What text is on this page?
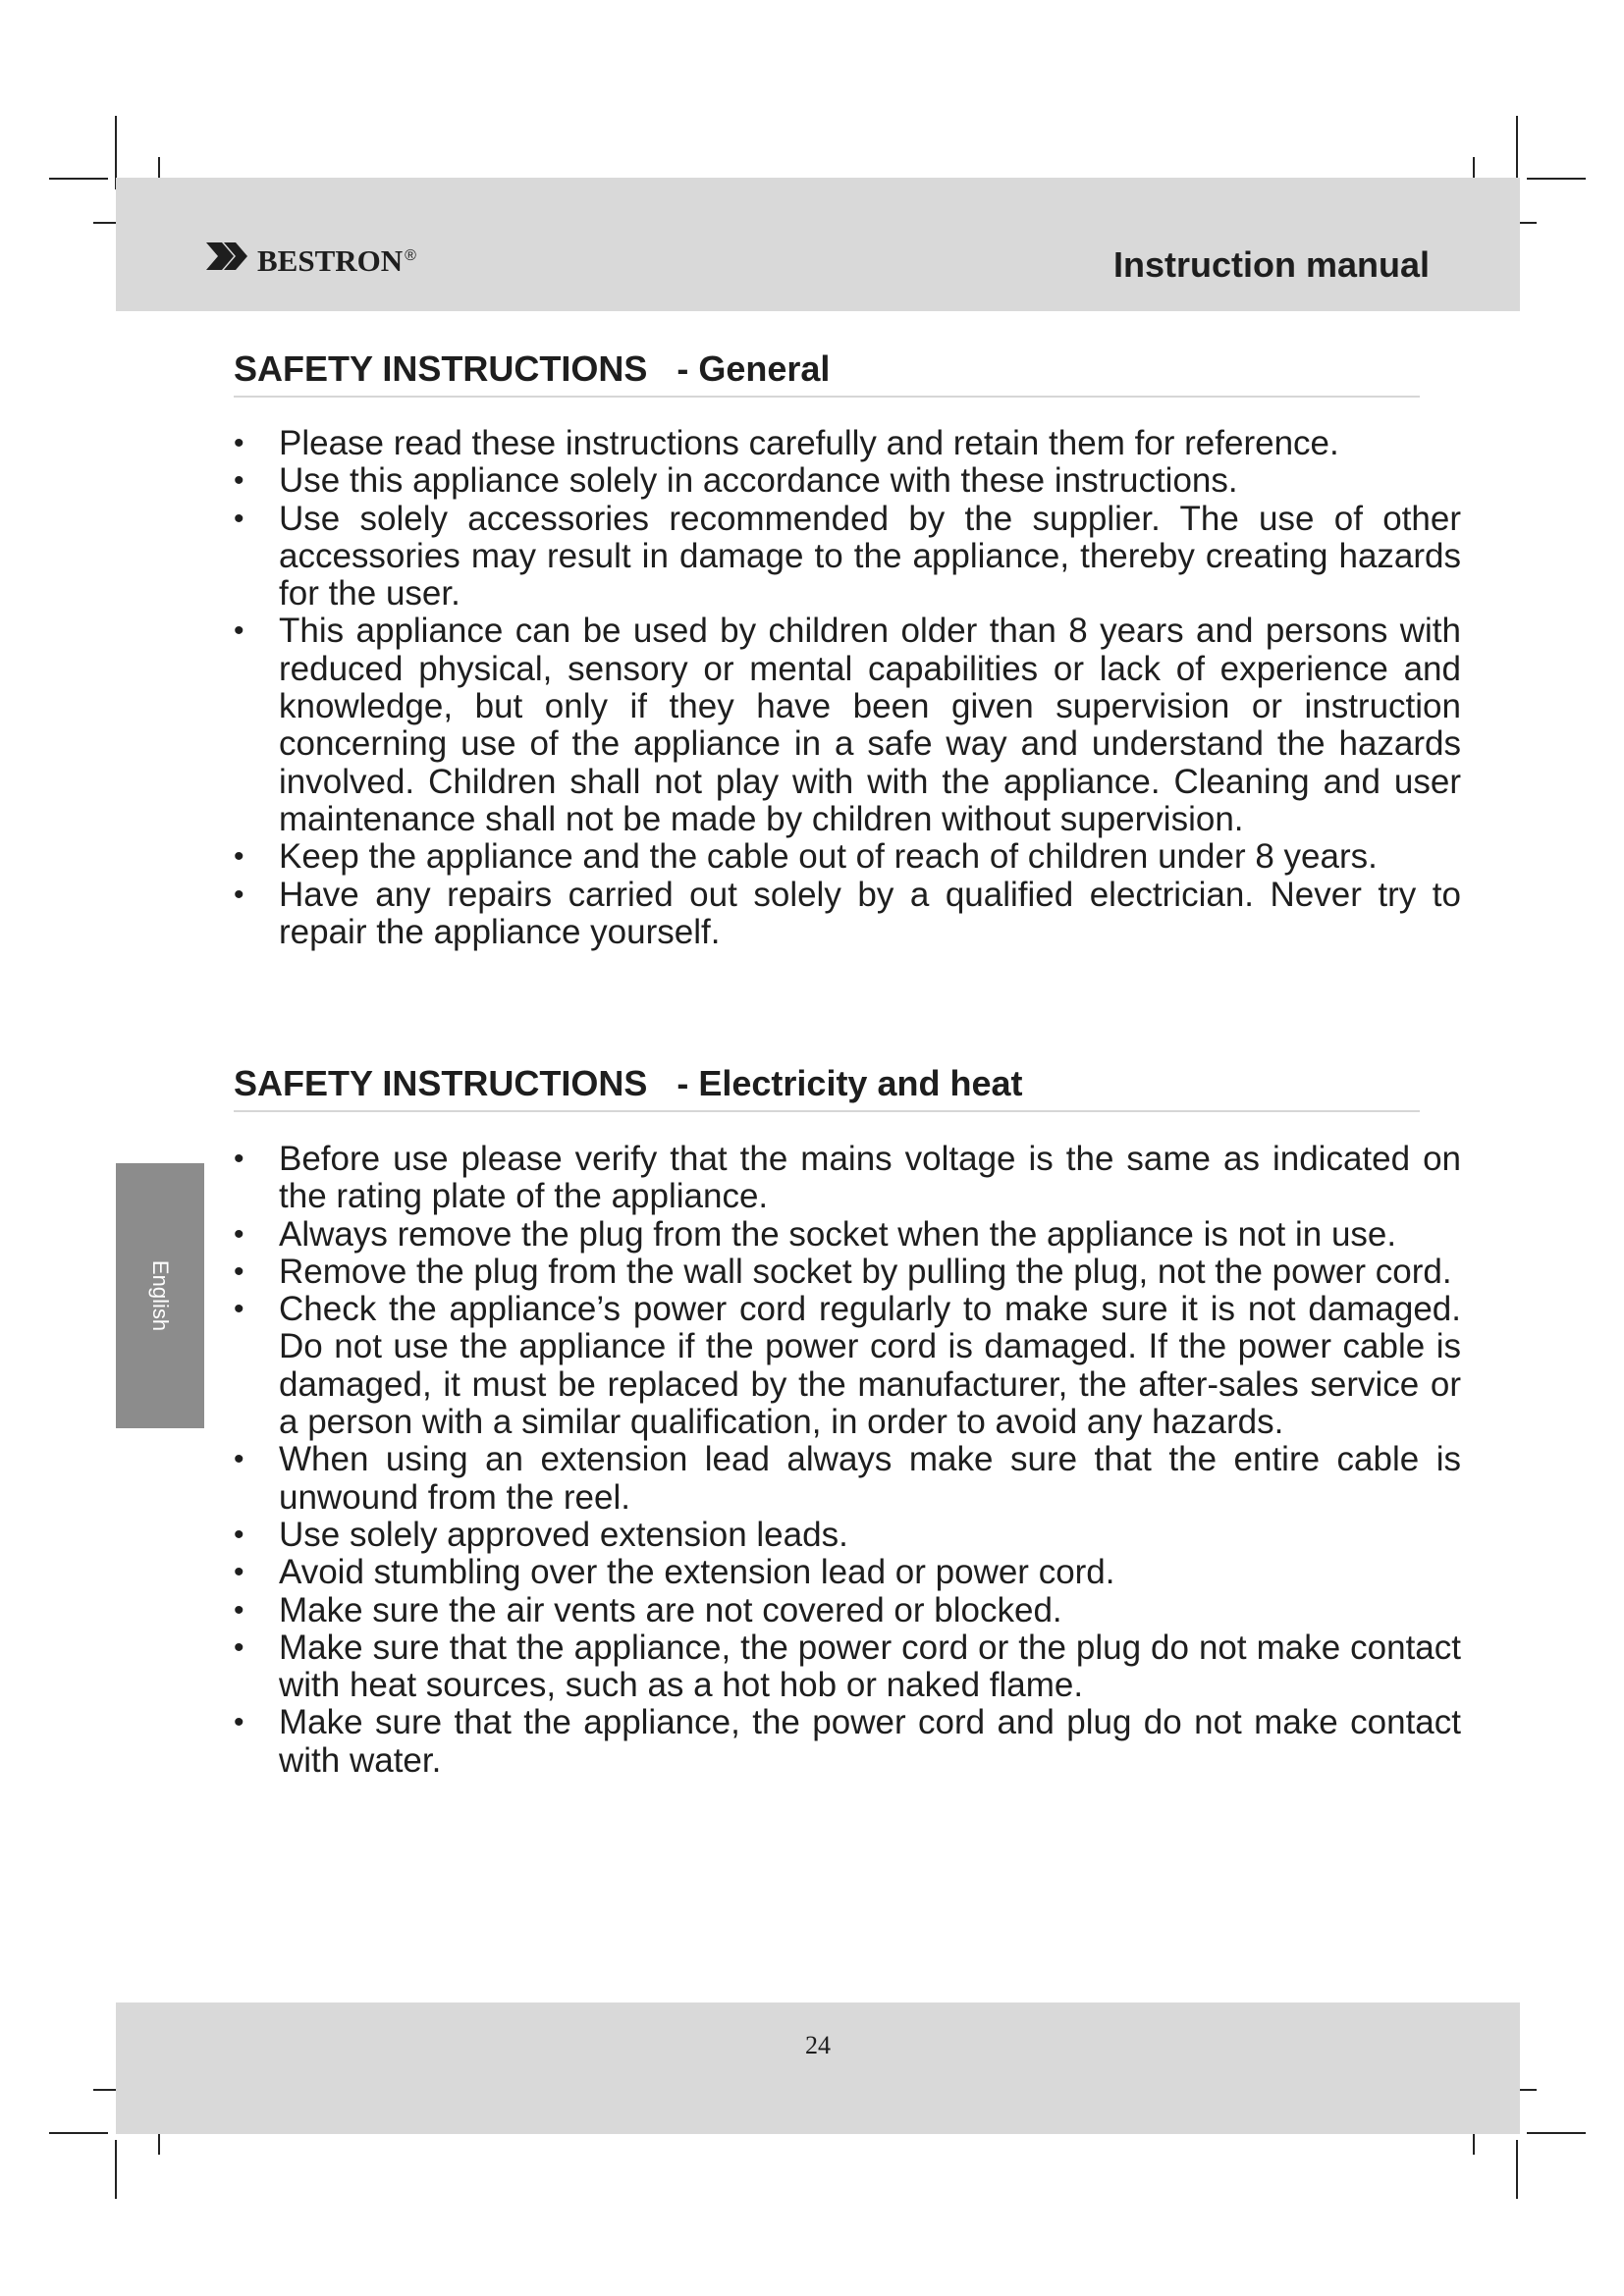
bestron ®	Instruction manual
SAFETY INSTRUCTIONS   - General
• Please read these instructions carefully and retain them for reference.
• Use this appliance solely in accordance with these instructions.
• Use solely accessories recommended by the supplier. The use of other accessories may result in damage to the appliance, thereby creating hazards for the user.
• This appliance can be used by children older than 8 years and persons with reduced physical, sensory or mental capabilities or lack of experience and knowledge, but only if they have been given supervision or instruction concerning use of the appliance in a safe way and understand the hazards involved. Children shall not play with with the appliance. Cleaning and user maintenance shall not be made by children without supervision.
• Keep the appliance and the cable out of reach of children under 8 years.
• Have any repairs carried out solely by a qualified electrician. Never try to repair the appliance yourself.
SAFETY INSTRUCTIONS   - Electricity and heat
• Before use please verify that the mains voltage is the same as indicated on the rating plate of the appliance.
• Always remove the plug from the socket when the appliance is not in use.
• Remove the plug from the wall socket by pulling the plug, not the power cord.
• Check the appliance’s power cord regularly to make sure it is not damaged. Do not use the appliance if the power cord is damaged. If the power cable is damaged, it must be replaced by the manufacturer, the after-sales service or a person with a similar qualification, in order to avoid any hazards.
• When using an extension lead always make sure that the entire cable is unwound from the reel.
• Use solely approved extension leads.
• Avoid stumbling over the extension lead or power cord.
• Make sure the air vents are not covered or blocked.
• Make sure that the appliance, the power cord or the plug do not make contact with heat sources, such as a hot hob or naked flame.
• Make sure that the appliance, the power cord and plug do not make contact with water.
English
24
